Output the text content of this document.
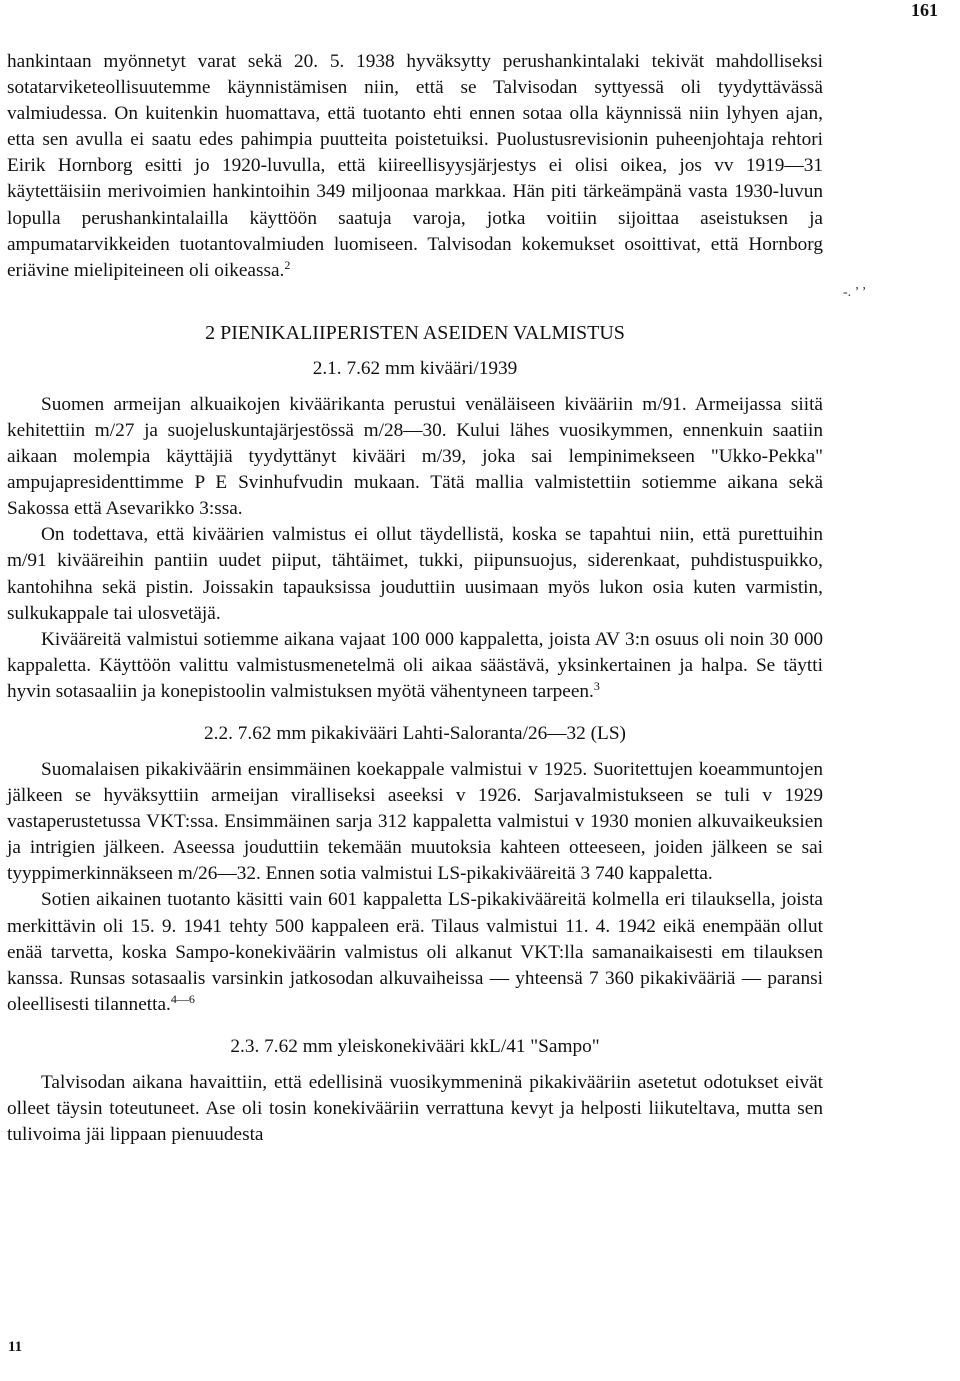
161

hankintaan myönnetyt varat sekä 20. 5. 1938 hyväksytty perushankintalaki tekivät mahdolliseksi sotatarviketeollisuutemme käynnistämisen niin, että se Talvisodan syttyessä oli tyydyttävässä valmiudessa. On kuitenkin huomattava, että tuotanto ehti ennen sotaa olla käynnissä niin lyhyen ajan, etta sen avulla ei saatu edes pahimpia puutteita poistetuiksi. Puolustusrevisionin puheenjohtaja rehtori Eirik Hornborg esitti jo 1920-luvulla, että kiireellisyysjärjestys ei olisi oikea, jos vv 1919—31 käytettäisiin merivoimien hankintoihin 349 miljoonaa markkaa. Hän piti tärkeämpänä vasta 1930-luvun lopulla perushankintalailla käyttöön saatuja varoja, jotka voitiin sijoittaa aseistuksen ja ampumatarvikkeiden tuotantovalmiuden luomiseen. Talvisodan kokemukset osoittivat, että Hornborg eriävine mielipiteineen oli oikeassa.$^2$

2 PIENIKALIIPERISTEN ASEIDEN VALMISTUS
2.1. 7.62 mm kivääri/1939

Suomen armeijan alkuaikojen kiväärikanta perustui venäläiseen kivääriin m/91. Armeijassa siitä kehitettiin m/27 ja suojeluskuntajärjestössä m/28—30. Kului lähes vuosikymmen, ennenkuin saatiin aikaan molempia käyttäjiä tyydyttänyt kivääri m/39, joka sai lempinimekseen "Ukko-Pekka" ampujapresidenttimme P E Svinhufvudin mukaan. Tätä mallia valmistettiin sotiemme aikana sekä Sakossa että Asevarikko 3:ssa.

On todettava, että kiväärien valmistus ei ollut täydellistä, koska se tapahtui niin, että purettuihin m/91 kivääreihin pantiin uudet piiput, tähtäimet, tukki, piipunsuojus, siderenkaat, puhdistuspuikko, kantohihna sekä pistin. Joissakin tapauksissa jouduttiin uusimaan myös lukon osia kuten varmistin, sulkukappale tai ulosvetäjä.

Kivääreitä valmistui sotiemme aikana vajaat 100 000 kappaletta, joista AV 3:n osuus oli noin 30 000 kappaletta. Käyttöön valittu valmistusmenetelmä oli aikaa säästävä, yksinkertainen ja halpa. Se täytti hyvin sotasaaliin ja konepistoolin valmistuksen myötä vähentyneen tarpeen.$^3$

2.2. 7.62 mm pikakivääri Lahti-Saloranta/26—32 (LS)

Suomalaisen pikakiväärin ensimmäinen koekappale valmistui v 1925. Suoritettujen koeammuntojen jälkeen se hyväksyttiin armeijan viralliseksi aseeksi v 1926. Sarjavalmistukseen se tuli v 1929 vastaperustetussa VKT:ssa. Ensimmäinen sarja 312 kappaletta valmistui v 1930 monien alkuvaikeuksien ja intrigien jälkeen. Aseessa jouduttiin tekemään muutoksia kahteen otteeseen, joiden jälkeen se sai tyyppimerkinnäkseen m/26—32. Ennen sotia valmistui LS-pikakivääreitä 3 740 kappaletta.

Sotien aikainen tuotanto käsitti vain 601 kappaletta LS-pikakivääreitä kolmella eri tilauksella, joista merkittävin oli 15. 9. 1941 tehty 500 kappaleen erä. Tilaus valmistui 11. 4. 1942 eikä enempään ollut enää tarvetta, koska Sampo-konekiväärin valmistus oli alkanut VKT:lla samanaikaisesti em tilauksen kanssa. Runsas sotasaalis varsinkin jatkosodan alkuvaiheissa — yhteensä 7 360 pikakivääriä — paransi oleellisesti tilannetta.$^{4—6}$

2.3. 7.62 mm yleiskonekivääri kkL/41 "Sampo"

Talvisodan aikana havaittiin, että edellisinä vuosikymmeninä pikakivääriin asetetut odotukset eivät olleet täysin toteutuneet. Ase oli tosin konekivääriin verrattuna kevyt ja helposti liikuteltava, mutta sen tulivoima jäi lippaan pienuudesta

-. ’ ʼ
11
